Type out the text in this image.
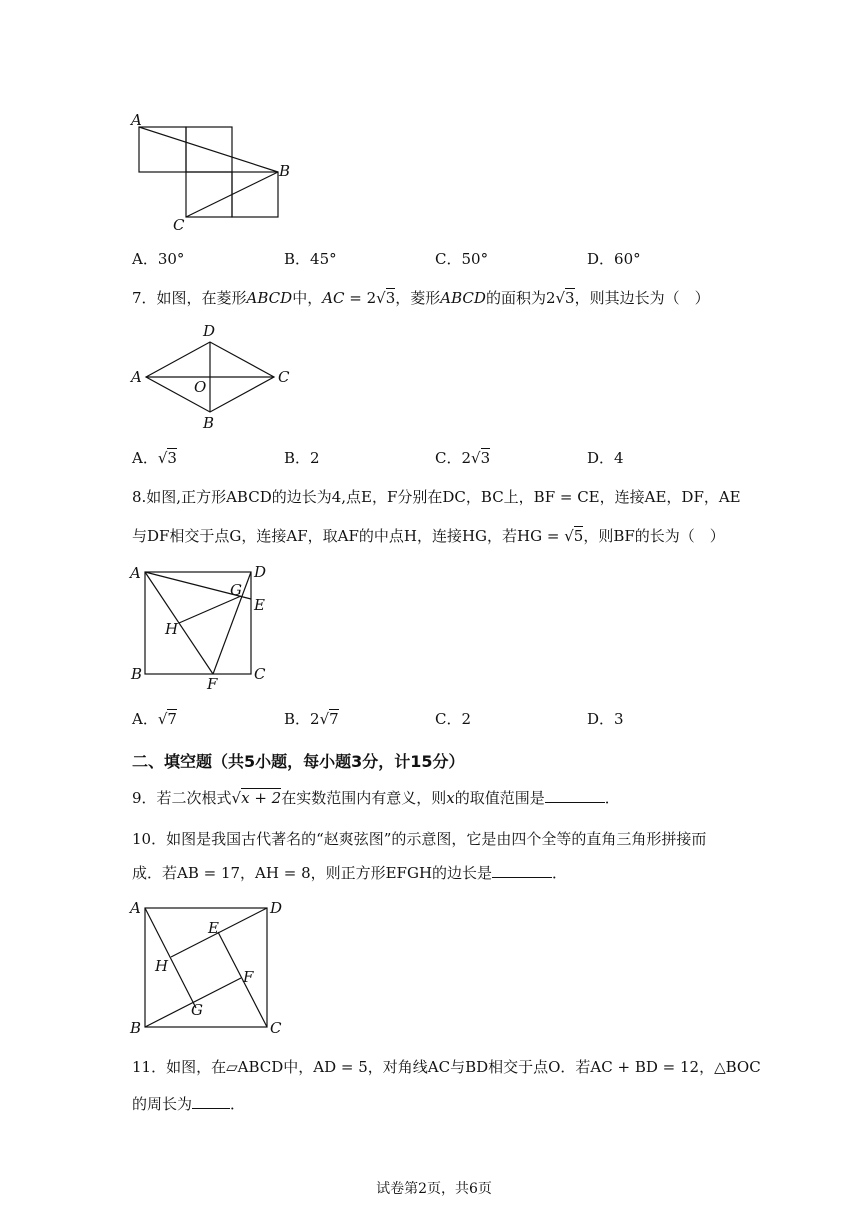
A
B
C
A．30°	B．45°	C．50°	D．60°
7．如图，在菱形ABCD中，AC = 2√3，菱形ABCD的面积为2√3，则其边长为（　）
D
A
O
C
B
A．√3	B．2	C．2√3	D．4
8.如图,正方形ABCD的边长为4,点E，F分别在DC，BC上，BF = CE，连接AE，DF，AE
与DF相交于点G，连接AF，取AF的中点H，连接HG，若HG = √5，则BF的长为（　）
A	D
G
E
H
B
F
C
A．√7	B．2√7	C．2	D．3
二、填空题（共5小题，每小题3分，计15分）
9．若二次根式√x + 2在实数范围内有意义，则x的取值范围是	．
10．如图是我国古代著名的“赵爽弦图”的示意图，它是由四个全等的直角三角形拼接而
成．若AB = 17，AH = 8，则正方形EFGH的边长是	．
A	D
E
H
F
G
B	C
11．如图，在▱ABCD中，AD = 5，对角线AC与BD相交于点O．若AC + BD = 12，△BOC
的周长为	．
试卷第2页，共6页
